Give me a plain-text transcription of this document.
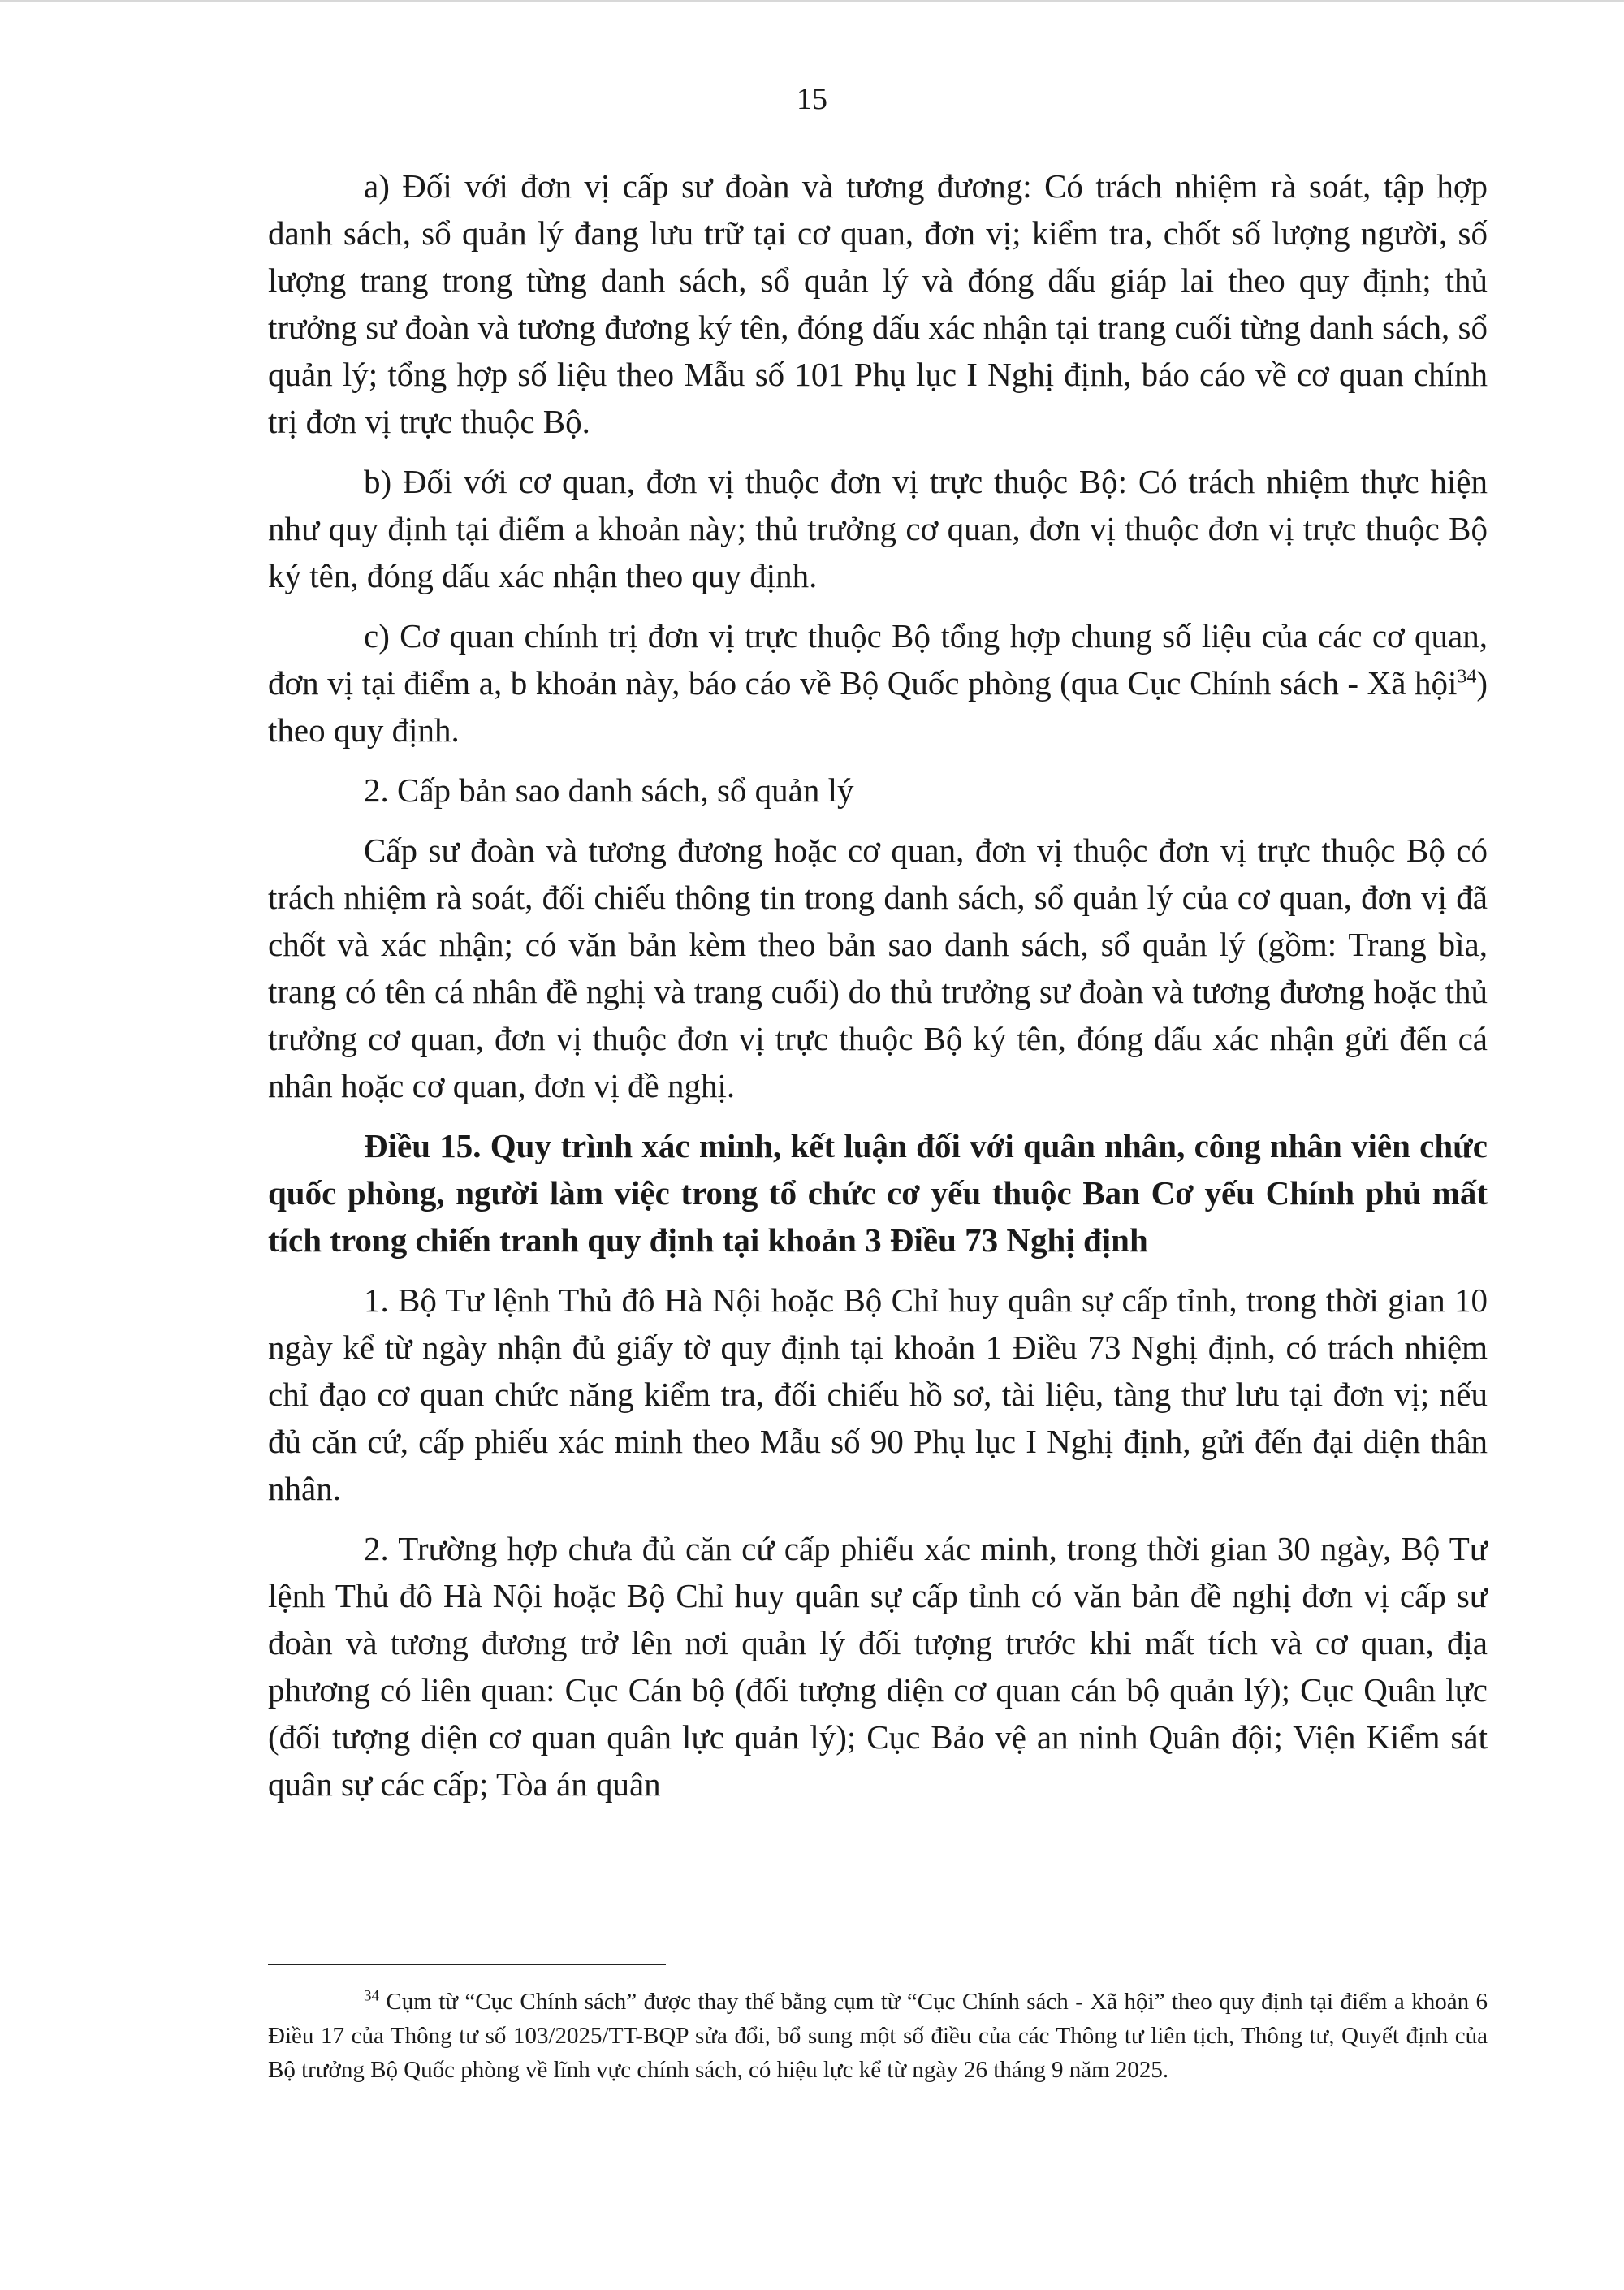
15

a) Đối với đơn vị cấp sư đoàn và tương đương: Có trách nhiệm rà soát, tập hợp danh sách, sổ quản lý đang lưu trữ tại cơ quan, đơn vị; kiểm tra, chốt số lượng người, số lượng trang trong từng danh sách, sổ quản lý và đóng dấu giáp lai theo quy định; thủ trưởng sư đoàn và tương đương ký tên, đóng dấu xác nhận tại trang cuối từng danh sách, sổ quản lý; tổng hợp số liệu theo Mẫu số 101 Phụ lục I Nghị định, báo cáo về cơ quan chính trị đơn vị trực thuộc Bộ.

b) Đối với cơ quan, đơn vị thuộc đơn vị trực thuộc Bộ: Có trách nhiệm thực hiện như quy định tại điểm a khoản này; thủ trưởng cơ quan, đơn vị thuộc đơn vị trực thuộc Bộ ký tên, đóng dấu xác nhận theo quy định.

c) Cơ quan chính trị đơn vị trực thuộc Bộ tổng hợp chung số liệu của các cơ quan, đơn vị tại điểm a, b khoản này, báo cáo về Bộ Quốc phòng (qua Cục Chính sách - Xã hội$^{34}$) theo quy định.

2. Cấp bản sao danh sách, sổ quản lý

Cấp sư đoàn và tương đương hoặc cơ quan, đơn vị thuộc đơn vị trực thuộc Bộ có trách nhiệm rà soát, đối chiếu thông tin trong danh sách, sổ quản lý của cơ quan, đơn vị đã chốt và xác nhận; có văn bản kèm theo bản sao danh sách, sổ quản lý (gồm: Trang bìa, trang có tên cá nhân đề nghị và trang cuối) do thủ trưởng sư đoàn và tương đương hoặc thủ trưởng cơ quan, đơn vị thuộc đơn vị trực thuộc Bộ ký tên, đóng dấu xác nhận gửi đến cá nhân hoặc cơ quan, đơn vị đề nghị.

Điều 15. Quy trình xác minh, kết luận đối với quân nhân, công nhân viên chức quốc phòng, người làm việc trong tổ chức cơ yếu thuộc Ban Cơ yếu Chính phủ mất tích trong chiến tranh quy định tại khoản 3 Điều 73 Nghị định

1. Bộ Tư lệnh Thủ đô Hà Nội hoặc Bộ Chỉ huy quân sự cấp tỉnh, trong thời gian 10 ngày kể từ ngày nhận đủ giấy tờ quy định tại khoản 1 Điều 73 Nghị định, có trách nhiệm chỉ đạo cơ quan chức năng kiểm tra, đối chiếu hồ sơ, tài liệu, tàng thư lưu tại đơn vị; nếu đủ căn cứ, cấp phiếu xác minh theo Mẫu số 90 Phụ lục I Nghị định, gửi đến đại diện thân nhân.

2. Trường hợp chưa đủ căn cứ cấp phiếu xác minh, trong thời gian 30 ngày, Bộ Tư lệnh Thủ đô Hà Nội hoặc Bộ Chỉ huy quân sự cấp tỉnh có văn bản đề nghị đơn vị cấp sư đoàn và tương đương trở lên nơi quản lý đối tượng trước khi mất tích và cơ quan, địa phương có liên quan: Cục Cán bộ (đối tượng diện cơ quan cán bộ quản lý); Cục Quân lực (đối tượng diện cơ quan quân lực quản lý); Cục Bảo vệ an ninh Quân đội; Viện Kiểm sát quân sự các cấp; Tòa án quân

$^{34}$ Cụm từ “Cục Chính sách” được thay thế bằng cụm từ “Cục Chính sách - Xã hội” theo quy định tại điểm a khoản 6 Điều 17 của Thông tư số 103/2025/TT-BQP sửa đổi, bổ sung một số điều của các Thông tư liên tịch, Thông tư, Quyết định của Bộ trưởng Bộ Quốc phòng về lĩnh vực chính sách, có hiệu lực kể từ ngày 26 tháng 9 năm 2025.
